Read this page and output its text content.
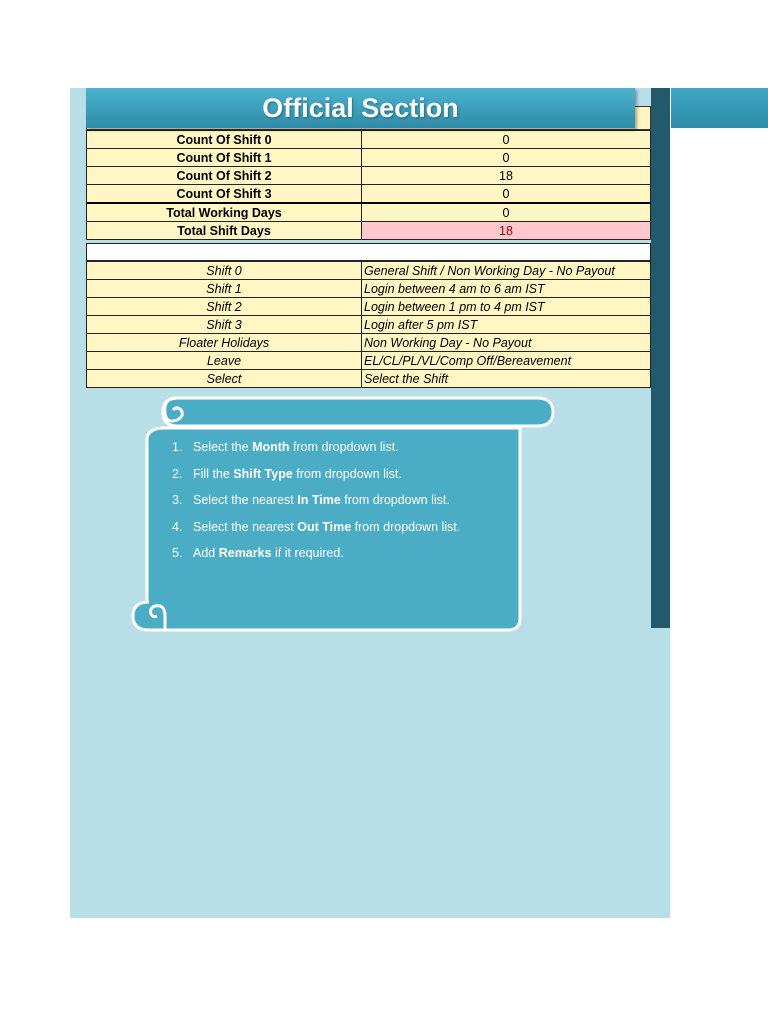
Official Section
Count Of Shift 0	0
Count Of Shift 1	0
Count Of Shift 2	18
Count Of Shift 3	0
Total Working Days	0
Total Shift Days	18
Shift 0	General Shift / Non Working Day - No Payout
Shift 1	Login between 4 am to 6 am IST
Shift 2	Login between 1 pm to 4 pm IST
Shift 3	Login after 5 pm IST
Floater Holidays	Non Working Day - No Payout
Leave	EL/CL/PL/VL/Comp Off/Bereavement
Select	Select the Shift
1. Select the Month from dropdown list.
2. Fill the Shift Type from dropdown list.
3. Select the nearest In Time from dropdown list.
4. Select the nearest Out Time from dropdown list.
5. Add Remarks if it required.
